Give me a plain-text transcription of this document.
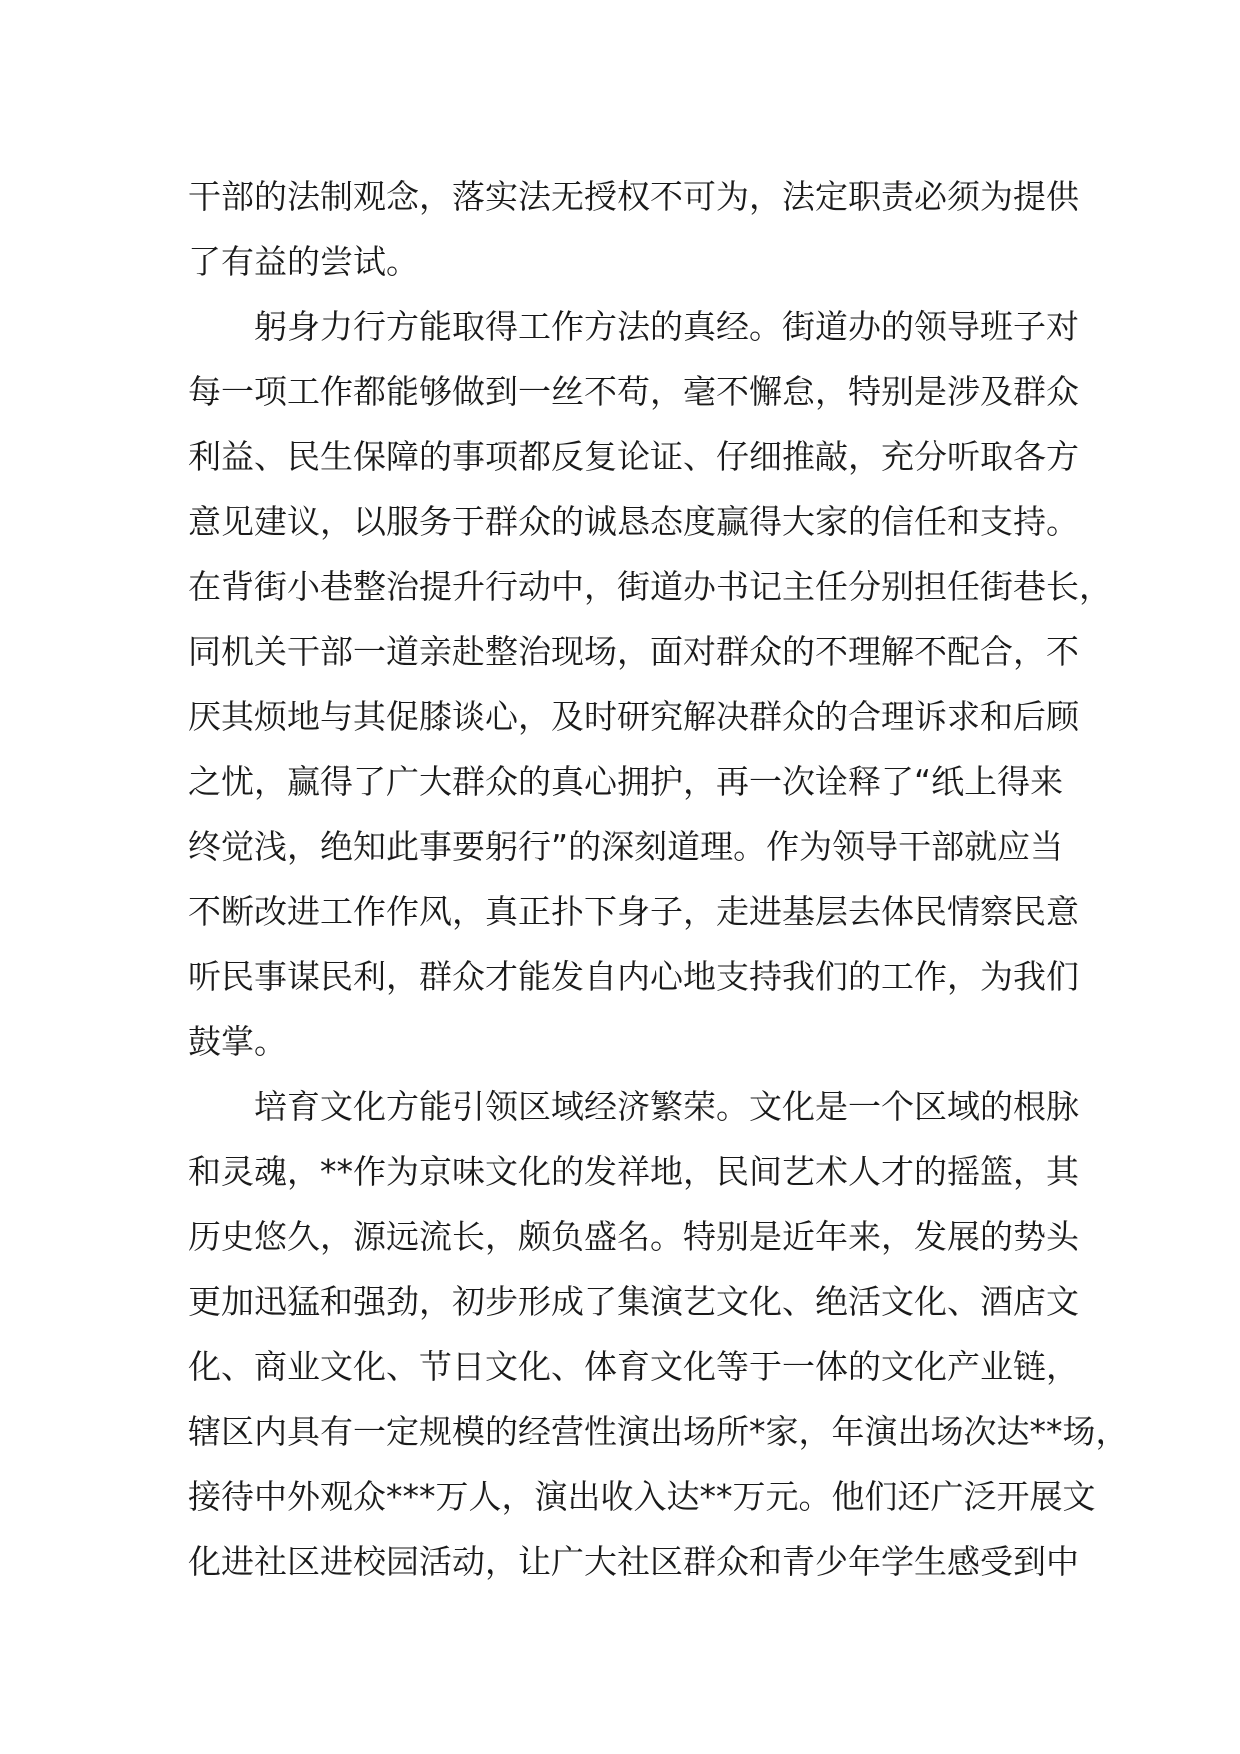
干部的法制观念，落实法无授权不可为，法定职责必须为提供
了有益的尝试。
　　躬身力行方能取得工作方法的真经。街道办的领导班子对
每一项工作都能够做到一丝不苟，毫不懈怠，特别是涉及群众
利益、民生保障的事项都反复论证、仔细推敲，充分听取各方
意见建议，以服务于群众的诚恳态度赢得大家的信任和支持。
在背街小巷整治提升行动中，街道办书记主任分别担任街巷长，
同机关干部一道亲赴整治现场，面对群众的不理解不配合，不
厌其烦地与其促膝谈心，及时研究解决群众的合理诉求和后顾
之忧，赢得了广大群众的真心拥护，再一次诠释了“纸上得来
终觉浅，绝知此事要躬行”的深刻道理。作为领导干部就应当
不断改进工作作风，真正扑下身子，走进基层去体民情察民意
听民事谋民利，群众才能发自内心地支持我们的工作，为我们
鼓掌。
　　培育文化方能引领区域经济繁荣。文化是一个区域的根脉
和灵魂，**作为京味文化的发祥地，民间艺术人才的摇篮，其
历史悠久，源远流长，颇负盛名。特别是近年来，发展的势头
更加迅猛和强劲，初步形成了集演艺文化、绝活文化、酒店文
化、商业文化、节日文化、体育文化等于一体的文化产业链，
辖区内具有一定规模的经营性演出场所*家，年演出场次达**场，
接待中外观众***万人，演出收入达**万元。他们还广泛开展文
化进社区进校园活动，让广大社区群众和青少年学生感受到中
